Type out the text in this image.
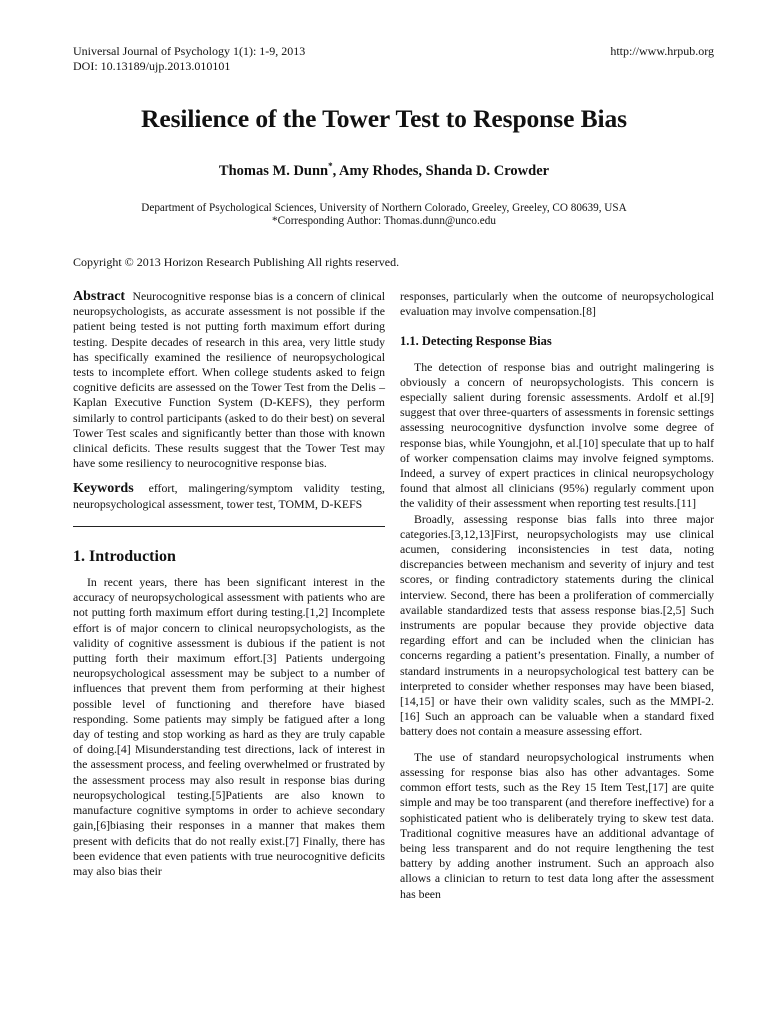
Universal Journal of Psychology 1(1): 1-9, 2013
DOI: 10.13189/ujp.2013.010101
http://www.hrpub.org
Resilience of the Tower Test to Response Bias
Thomas M. Dunn*, Amy Rhodes, Shanda D. Crowder
Department of Psychological Sciences, University of Northern Colorado, Greeley, Greeley, CO 80639, USA
*Corresponding Author: Thomas.dunn@unco.edu
Copyright © 2013 Horizon Research Publishing All rights reserved.

Abstract Neurocognitive response bias is a concern of clinical neuropsychologists, as accurate assessment is not possible if the patient being tested is not putting forth maximum effort during testing. Despite decades of research in this area, very little study has specifically examined the resilience of neuropsychological tests to incomplete effort. When college students asked to feign cognitive deficits are assessed on the Tower Test from the Delis – Kaplan Executive Function System (D-KEFS), they perform similarly to control participants (asked to do their best) on several Tower Test scales and significantly better than those with known clinical deficits. These results suggest that the Tower Test may have some resiliency to neurocognitive response bias.

Keywords effort, malingering/symptom validity testing, neuropsychological assessment, tower test, TOMM, D-KEFS

1. Introduction

In recent years, there has been significant interest in the accuracy of neuropsychological assessment with patients who are not putting forth maximum effort during testing.[1,2] Incomplete effort is of major concern to clinical neuropsychologists, as the validity of cognitive assessment is dubious if the patient is not putting forth their maximum effort.[3] Patients undergoing neuropsychological assessment may be subject to a number of influences that prevent them from performing at their highest possible level of functioning and therefore have biased responding. Some patients may simply be fatigued after a long day of testing and stop working as hard as they are truly capable of doing.[4] Misunderstanding test directions, lack of interest in the assessment process, and feeling overwhelmed or frustrated by the assessment process may also result in response bias during neuropsychological testing.[5]Patients are also known to manufacture cognitive symptoms in order to achieve secondary gain,[6]biasing their responses in a manner that makes them present with deficits that do not really exist.[7] Finally, there has been evidence that even patients with true neurocognitive deficits may also bias their

responses, particularly when the outcome of neuropsychological evaluation may involve compensation.[8]

1.1. Detecting Response Bias

The detection of response bias and outright malingering is obviously a concern of neuropsychologists. This concern is especially salient during forensic assessments. Ardolf et al.[9] suggest that over three-quarters of assessments in forensic settings assessing neurocognitive dysfunction involve some degree of response bias, while Youngjohn, et al.[10] speculate that up to half of worker compensation claims may involve feigned symptoms. Indeed, a survey of expert practices in clinical neuropsychology found that almost all clinicians (95%) regularly comment upon the validity of their assessment when reporting test results.[11]

Broadly, assessing response bias falls into three major categories.[3,12,13]First, neuropsychologists may use clinical acumen, considering inconsistencies in test data, noting discrepancies between mechanism and severity of injury and test scores, or finding contradictory statements during the clinical interview. Second, there has been a proliferation of commercially available standardized tests that assess response bias.[2,5] Such instruments are popular because they provide objective data regarding effort and can be included when the clinician has concerns regarding a patient’s presentation. Finally, a number of standard instruments in a neuropsychological test battery can be interpreted to consider whether responses may have been biased,[14,15] or have their own validity scales, such as the MMPI-2.[16] Such an approach can be valuable when a standard fixed battery does not contain a measure assessing effort.

The use of standard neuropsychological instruments when assessing for response bias also has other advantages. Some common effort tests, such as the Rey 15 Item Test,[17] are quite simple and may be too transparent (and therefore ineffective) for a sophisticated patient who is deliberately trying to skew test data. Traditional cognitive measures have an additional advantage of being less transparent and do not require lengthening the test battery by adding another instrument. Such an approach also allows a clinician to return to test data long after the assessment has been
